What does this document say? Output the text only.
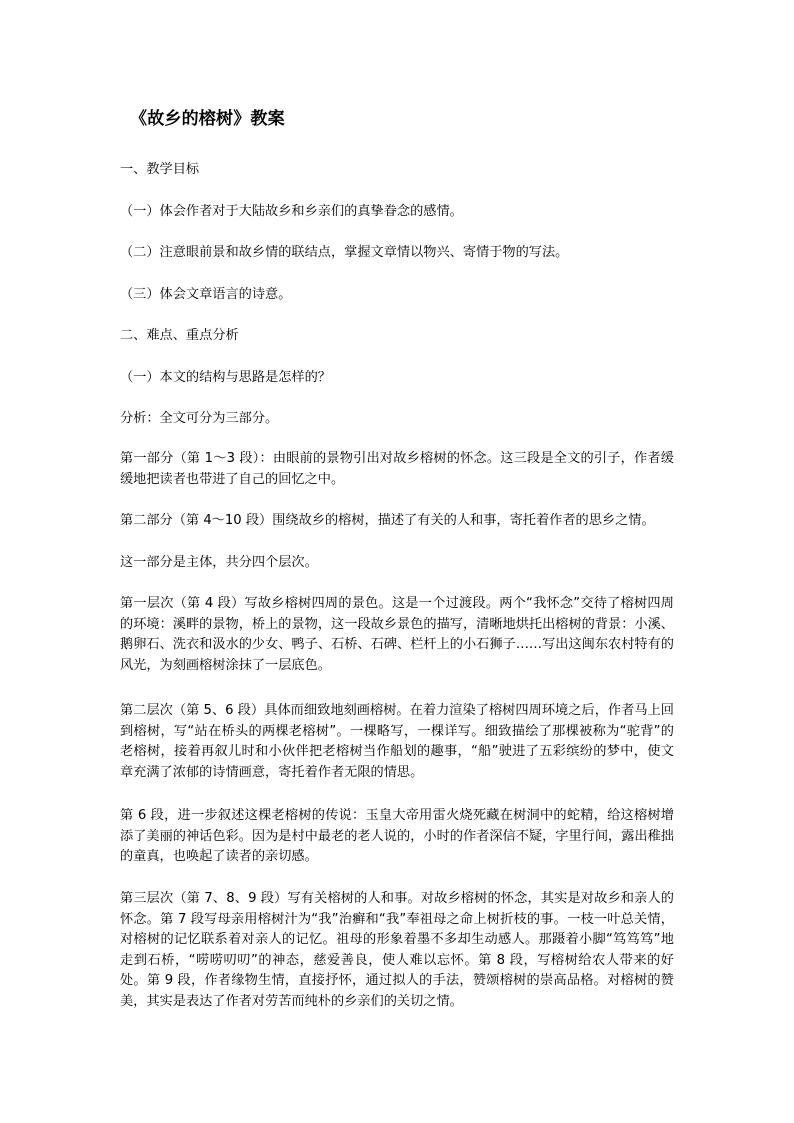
《故乡的榕树》教案
一、教学目标
（一）体会作者对于大陆故乡和乡亲们的真挚眷念的感情。
（二）注意眼前景和故乡情的联结点，掌握文章情以物兴、寄情于物的写法。
（三）体会文章语言的诗意。
二、难点、重点分析
（一）本文的结构与思路是怎样的？
分析：全文可分为三部分。
第一部分（第 1～3 段）：由眼前的景物引出对故乡榕树的怀念。这三段是全文的引子，作者缓缓地把读者也带进了自己的回忆之中。
第二部分（第 4～10 段）围绕故乡的榕树，描述了有关的人和事，寄托着作者的思乡之情。
这一部分是主体，共分四个层次。
第一层次（第 4 段）写故乡榕树四周的景色。这是一个过渡段。两个“我怀念”交待了榕树四周的环境：溪畔的景物，桥上的景物，这一段故乡景色的描写，清晰地烘托出榕树的背景：小溪、鹅卵石、洗衣和汲水的少女、鸭子、石桥、石碑、栏杆上的小石狮子……写出这闽东农村特有的风光，为刻画榕树涂抹了一层底色。
第二层次（第 5、6 段）具体而细致地刻画榕树。在着力渲染了榕树四周环境之后，作者马上回到榕树，写“站在桥头的两棵老榕树”。一棵略写，一棵详写。细致描绘了那棵被称为“驼背”的老榕树，接着再叙儿时和小伙伴把老榕树当作船划的趣事，“船”驶进了五彩缤纷的梦中，使文章充满了浓郁的诗情画意，寄托着作者无限的情思。
第 6 段，进一步叙述这棵老榕树的传说：玉皇大帝用雷火烧死藏在树洞中的蛇精，给这榕树增添了美丽的神话色彩。因为是村中最老的老人说的，小时的作者深信不疑，字里行间，露出稚拙的童真，也唤起了读者的亲切感。
第三层次（第 7、8、9 段）写有关榕树的人和事。对故乡榕树的怀念，其实是对故乡和亲人的怀念。第 7 段写母亲用榕树汁为“我”治癣和“我”奉祖母之命上树折枝的事。一枝一叶总关情，对榕树的记忆联系着对亲人的记忆。祖母的形象着墨不多却生动感人。那蹑着小脚“笃笃笃”地走到石桥，“唠唠叨叨”的神态，慈爱善良，使人难以忘怀。第 8 段，写榕树给农人带来的好处。第 9 段，作者缘物生情，直接抒怀，通过拟人的手法，赞颂榕树的崇高品格。对榕树的赞美，其实是表达了作者对劳苦而纯朴的乡亲们的关切之情。
